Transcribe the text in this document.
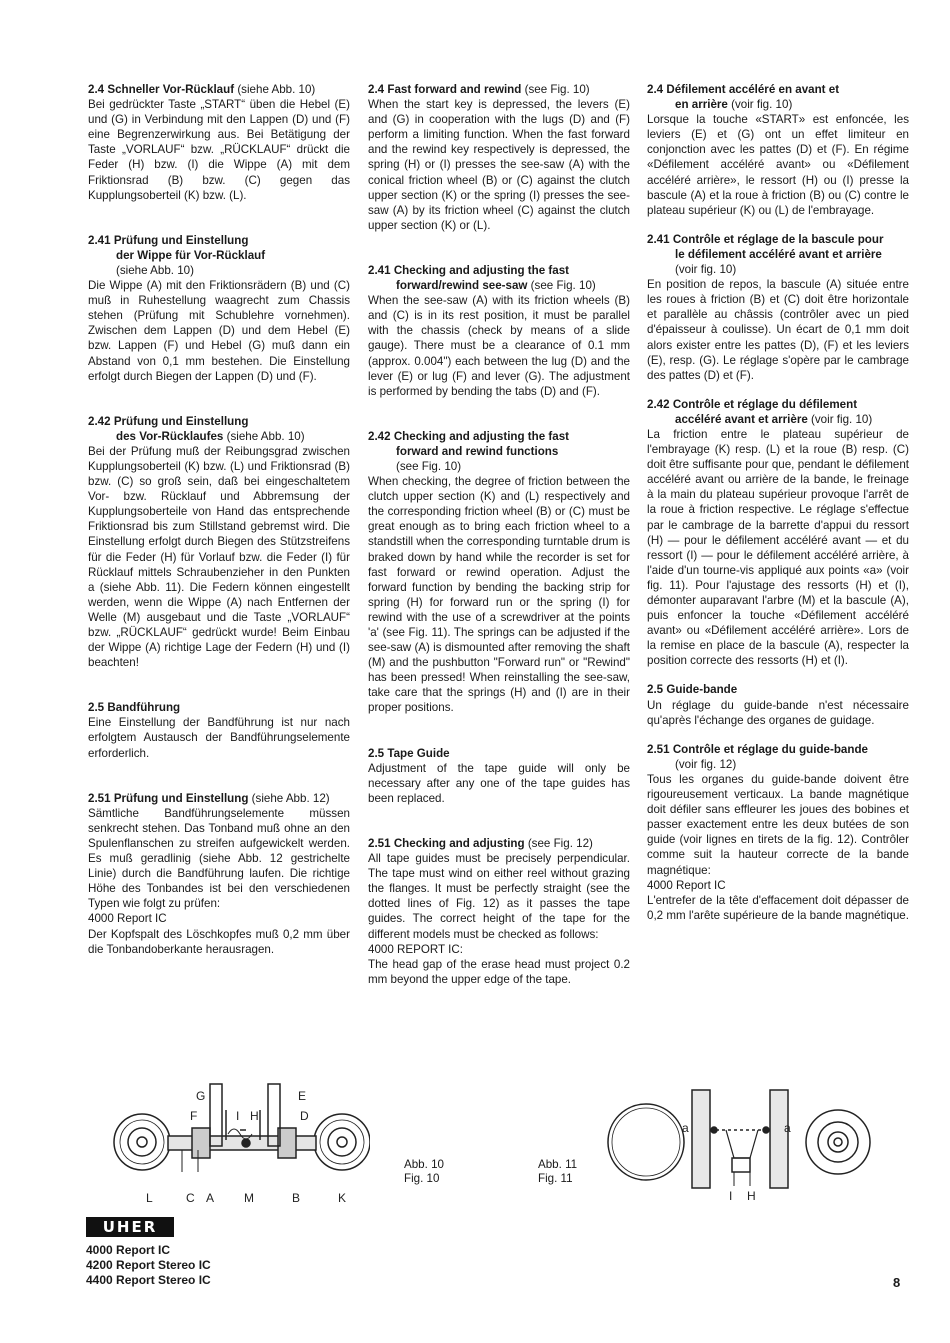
2.4 Schneller Vor-Rücklauf (siehe Abb. 10)

Bei gedrückter Taste „START“ üben die Hebel (E) und (G) in Verbindung mit den Lappen (D) und (F) eine Begrenzerwirkung aus. Bei Betätigung der Taste „VORLAUF“ bzw. „RÜCKLAUF“ drückt die Feder (H) bzw. (I) die Wippe (A) mit dem Friktionsrad (B) bzw. (C) gegen das Kupplungsoberteil (K) bzw. (L).

2.41 Prüfung und Einstellung
der Wippe für Vor-Rücklauf
(siehe Abb. 10)

Die Wippe (A) mit den Friktionsrädern (B) und (C) muß in Ruhestellung waagrecht zum Chassis stehen (Prüfung mit Schublehre vornehmen). Zwischen dem Lappen (D) und dem Hebel (E) bzw. Lappen (F) und Hebel (G) muß dann ein Abstand von 0,1 mm bestehen. Die Einstellung erfolgt durch Biegen der Lappen (D) und (F).

2.42 Prüfung und Einstellung
des Vor-Rücklaufes (siehe Abb. 10)

Bei der Prüfung muß der Reibungsgrad zwischen Kupplungsoberteil (K) bzw. (L) und Friktionsrad (B) bzw. (C) so groß sein, daß bei eingeschaltetem Vor- bzw. Rücklauf und Abbremsung der Kupplungsoberteile von Hand das entsprechende Friktionsrad bis zum Stillstand gebremst wird. Die Einstellung erfolgt durch Biegen des Stützstreifens für die Feder (H) für Vorlauf bzw. die Feder (I) für Rücklauf mittels Schraubenzieher in den Punkten a (siehe Abb. 11). Die Federn können eingestellt werden, wenn die Wippe (A) nach Entfernen der Welle (M) ausgebaut und die Taste „VORLAUF“ bzw. „RÜCKLAUF“ gedrückt wurde! Beim Einbau der Wippe (A) richtige Lage der Federn (H) und (I) beachten!

2.5 Bandführung

Eine Einstellung der Bandführung ist nur nach erfolgtem Austausch der Bandführungselemente erforderlich.

2.51 Prüfung und Einstellung (siehe Abb. 12)

Sämtliche Bandführungselemente müssen senkrecht stehen. Das Tonband muß ohne an den Spulenflanschen zu streifen aufgewickelt werden. Es muß geradlinig (siehe Abb. 12 gestrichelte Linie) durch die Bandführung laufen. Die richtige Höhe des Tonbandes ist bei den verschiedenen Typen wie folgt zu prüfen:

4000 Report IC

Der Kopfspalt des Löschkopfes muß 0,2 mm über die Tonbandoberkante herausragen.

2.4 Fast forward and rewind (see Fig. 10)

When the start key is depressed, the levers (E) and (G) in cooperation with the lugs (D) and (F) perform a limiting function. When the fast forward and the rewind key respectively is depressed, the spring (H) or (I) presses the see-saw (A) with the conical friction wheel (B) or (C) against the clutch upper section (K) or the spring (I) presses the see-saw (A) by its friction wheel (C) against the clutch upper section (K) or (L).

2.41 Checking and adjusting the fast
forward/rewind see-saw (see Fig. 10)

When the see-saw (A) with its friction wheels (B) and (C) is in its rest position, it must be parallel with the chassis (check by means of a slide gauge). There must be a clearance of 0.1 mm (approx. 0.004") each between the lug (D) and the lever (E) or lug (F) and lever (G). The adjustment is performed by bending the tabs (D) and (F).

2.42 Checking and adjusting the fast
forward and rewind functions
(see Fig. 10)

When checking, the degree of friction between the clutch upper section (K) and (L) respectively and the corresponding friction wheel (B) or (C) must be great enough as to bring each friction wheel to a standstill when the corresponding turntable drum is braked down by hand while the recorder is set for fast forward or rewind operation. Adjust the forward function by bending the backing strip for spring (H) for forward run or the spring (I) for rewind with the use of a screwdriver at the points 'a' (see Fig. 11). The springs can be adjusted if the see-saw (A) is dismounted after removing the shaft (M) and the pushbutton "Forward run" or "Rewind" has been pressed! When reinstalling the see-saw, take care that the springs (H) and (I) are in their proper positions.

2.5 Tape Guide

Adjustment of the tape guide will only be necessary after any one of the tape guides has been replaced.

2.51 Checking and adjusting (see Fig. 12)

All tape guides must be precisely perpendicular. The tape must wind on either reel without grazing the flanges. It must be perfectly straight (see the dotted lines of Fig. 12) as it passes the tape guides. The correct height of the tape for the different models must be checked as follows:

4000 REPORT IC:

The head gap of the erase head must project 0.2 mm beyond the upper edge of the tape.

2.4 Défilement accéléré en avant et
en arrière (voir fig. 10)

Lorsque la touche «START» est enfoncée, les leviers (E) et (G) ont un effet limiteur en conjonction avec les pattes (D) et (F). En régime «Défilement accéléré avant» ou «Défilement accéléré arrière», le ressort (H) ou (I) presse la bascule (A) et la roue à friction (B) ou (C) contre le plateau supérieur (K) ou (L) de l'embrayage.

2.41 Contrôle et réglage de la bascule pour
le défilement accéléré avant et arrière
(voir fig. 10)

En position de repos, la bascule (A) située entre les roues à friction (B) et (C) doit être horizontale et parallèle au châssis (contrôler avec un pied d'épaisseur à coulisse). Un écart de 0,1 mm doit alors exister entre les pattes (D), (F) et les leviers (E), resp. (G). Le réglage s'opère par le cambrage des pattes (D) et (F).

2.42 Contrôle et réglage du défilement
accéléré avant et arrière (voir fig. 10)

La friction entre le plateau supérieur de l'embrayage (K) resp. (L) et la roue (B) resp. (C) doit être suffisante pour que, pendant le défilement accéléré avant ou arrière de la bande, le freinage à la main du plateau supérieur provoque l'arrêt de la roue à friction respective. Le réglage s'effectue par le cambrage de la barrette d'appui du ressort (H) — pour le défilement accéléré avant — et du ressort (I) — pour le défilement accéléré arrière, à l'aide d'un tourne-vis appliqué aux points «a» (voir fig. 11). Pour l'ajustage des ressorts (H) et (I), démonter auparavant l'arbre (M) et la bascule (A), puis enfoncer la touche «Défilement accéléré avant» ou «Défilement accéléré arrière». Lors de la remise en place de la bascule (A), respecter la position correcte des ressorts (H) et (I).

2.5 Guide-bande

Un réglage du guide-bande n'est nécessaire qu'après l'échange des organes de guidage.

2.51 Contrôle et réglage du guide-bande
(voir fig. 12)

Tous les organes du guide-bande doivent être rigoureusement verticaux. La bande magnétique doit défiler sans effleurer les joues des bobines et passer exactement entre les deux butées de son guide (voir lignes en tirets de la fig. 12). Contrôler comme suit la hauteur correcte de la bande magnétique:

4000 Report IC

L'entrefer de la tête d'effacement doit dépasser de 0,2 mm l'arête supérieure de la bande magnétique.

G	E
F	I H	D
L	C A M	B	K
Abb. 10
Fig. 10
Abb. 11
Fig. 11
a	a
I H
UHER
4000 Report IC
4200 Report Stereo IC
4400 Report Stereo IC	8
